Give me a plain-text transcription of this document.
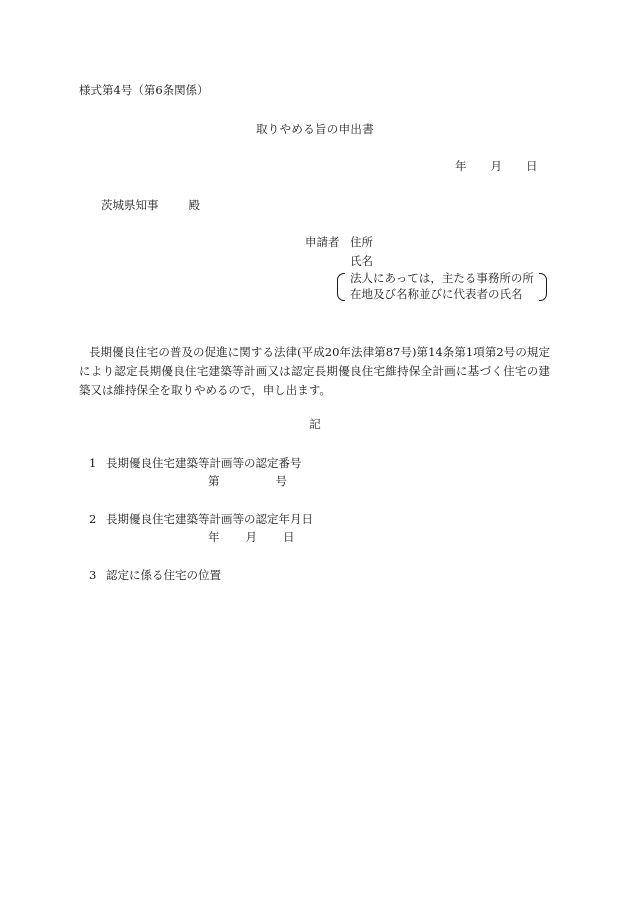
様式第4号（第6条関係）
取りやめる旨の申出書
年 月 日
茨城県知事	殿
申請者 住所
氏名
法人にあっては，主たる事務所の所
在地及び名称並びに代表者の氏名
長期優良住宅の普及の促進に関する法律(平成20年法律第87号)第14条第1項第2号の規定
により認定長期優良住宅建築等計画又は認定長期優良住宅維持保全計画に基づく住宅の建
築又は維持保全を取りやめるので，申し出ます。
記
1 長期優良住宅建築等計画等の認定番号
第	号
2 長期優良住宅建築等計画等の認定年月日
年 月 日
3 認定に係る住宅の位置
